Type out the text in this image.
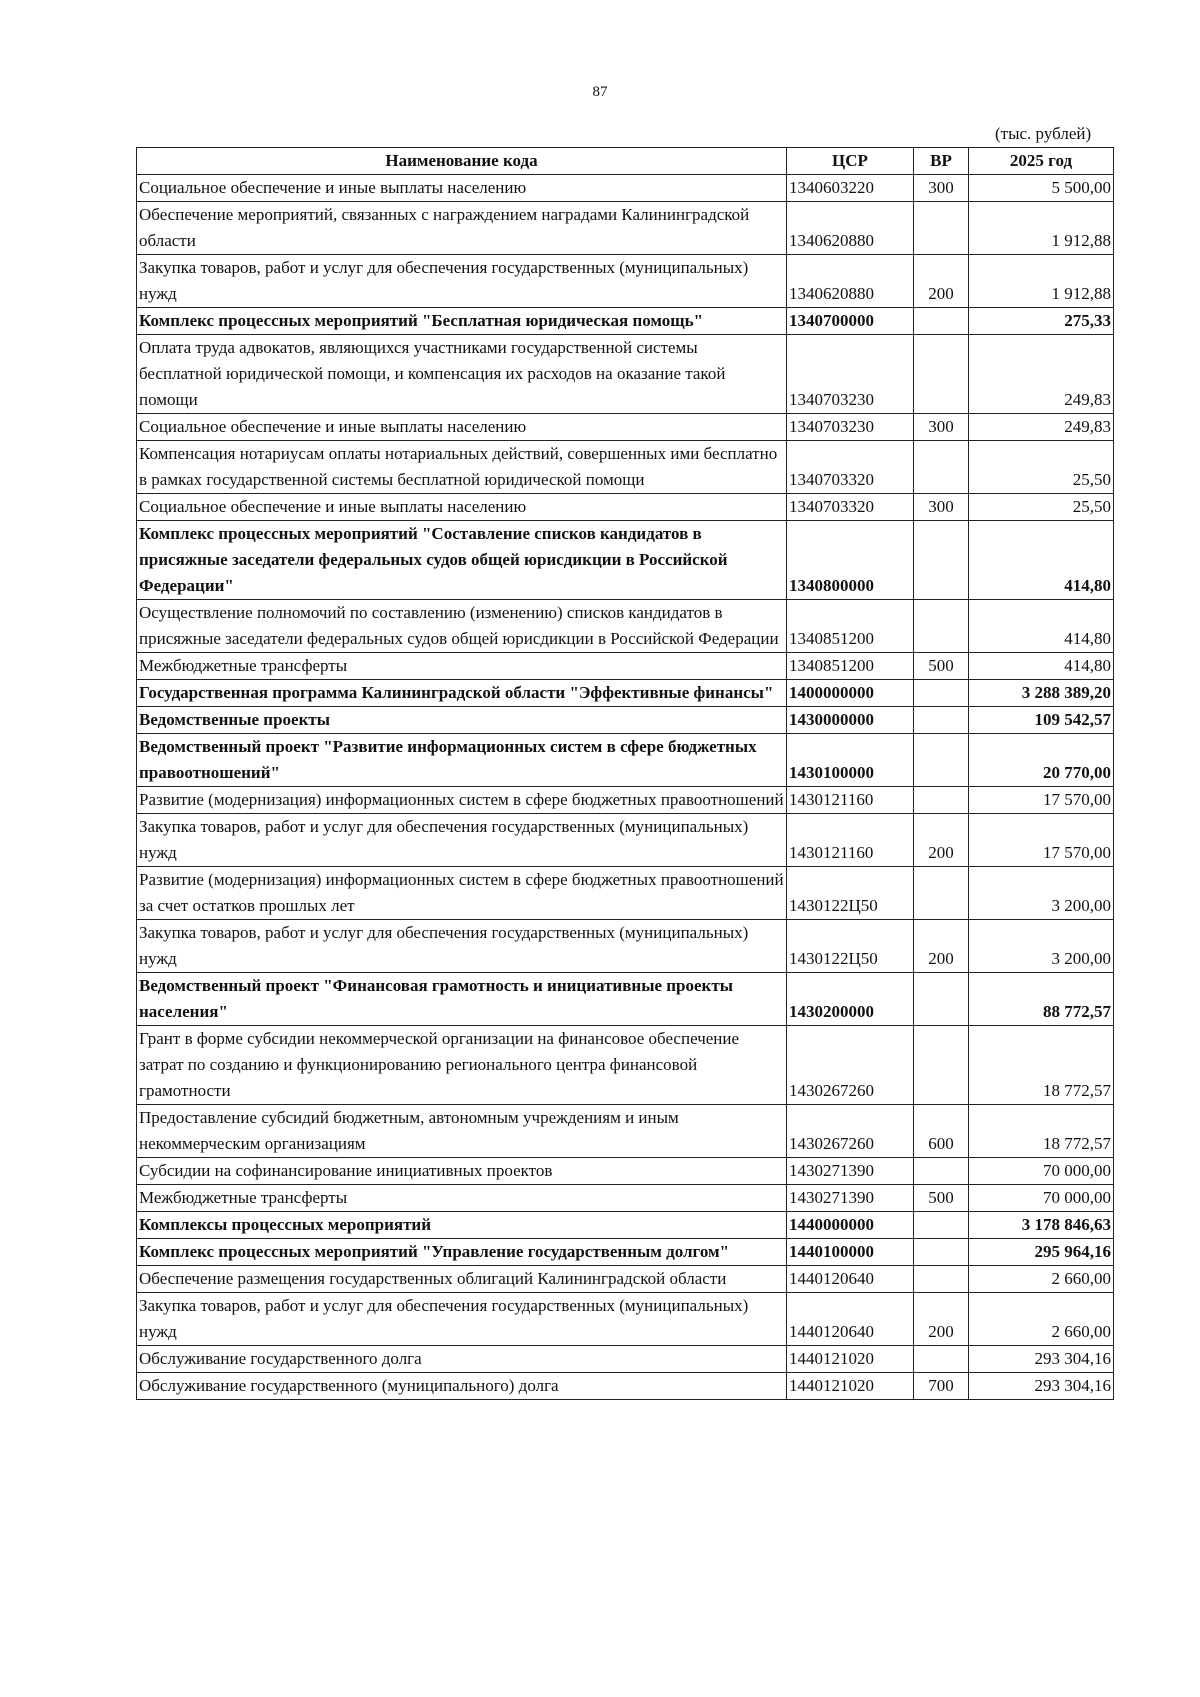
87
(тыс. рублей)
Наименование кода	ЦСР	ВР	2025 год
Социальное обеспечение и иные выплаты населению	1340603220	300	5 500,00
Обеспечение мероприятий, связанных с награждением наградами Калининградской области	1340620880		1 912,88
Закупка товаров, работ и услуг для обеспечения государственных (муниципальных) нужд	1340620880	200	1 912,88
Комплекс процессных мероприятий "Бесплатная юридическая помощь"	1340700000		275,33
Оплата труда адвокатов, являющихся участниками государственной системы бесплатной юридической помощи, и компенсация их расходов на оказание такой помощи	1340703230		249,83
Социальное обеспечение и иные выплаты населению	1340703230	300	249,83
Компенсация нотариусам оплаты нотариальных действий, совершенных ими бесплатно в рамках государственной системы бесплатной юридической помощи	1340703320		25,50
Социальное обеспечение и иные выплаты населению	1340703320	300	25,50
Комплекс процессных мероприятий "Составление списков кандидатов в присяжные заседатели федеральных судов общей юрисдикции в Российской Федерации"	1340800000		414,80
Осуществление полномочий по составлению (изменению) списков кандидатов в присяжные заседатели федеральных судов общей юрисдикции в Российской Федерации	1340851200		414,80
Межбюджетные трансферты	1340851200	500	414,80
Государственная программа Калининградской области "Эффективные финансы"	1400000000		3 288 389,20
Ведомственные проекты	1430000000		109 542,57
Ведомственный проект "Развитие информационных систем в сфере бюджетных правоотношений"	1430100000		20 770,00
Развитие (модернизация) информационных систем в сфере бюджетных правоотношений	1430121160		17 570,00
Закупка товаров, работ и услуг для обеспечения государственных (муниципальных) нужд	1430121160	200	17 570,00
Развитие (модернизация) информационных систем в сфере бюджетных правоотношений за счет остатков прошлых лет	1430122Ц50		3 200,00
Закупка товаров, работ и услуг для обеспечения государственных (муниципальных) нужд	1430122Ц50	200	3 200,00
Ведомственный проект "Финансовая грамотность и инициативные проекты населения"	1430200000		88 772,57
Грант в форме субсидии некоммерческой организации на финансовое обеспечение затрат по созданию и функционированию регионального центра финансовой грамотности	1430267260		18 772,57
Предоставление субсидий бюджетным, автономным учреждениям и иным некоммерческим организациям	1430267260	600	18 772,57
Субсидии на софинансирование инициативных проектов	1430271390		70 000,00
Межбюджетные трансферты	1430271390	500	70 000,00
Комплексы процессных мероприятий	1440000000		3 178 846,63
Комплекс процессных мероприятий "Управление государственным долгом"	1440100000		295 964,16
Обеспечение размещения государственных облигаций Калининградской области	1440120640		2 660,00
Закупка товаров, работ и услуг для обеспечения государственных (муниципальных) нужд	1440120640	200	2 660,00
Обслуживание государственного долга	1440121020		293 304,16
Обслуживание государственного (муниципального) долга	1440121020	700	293 304,16
